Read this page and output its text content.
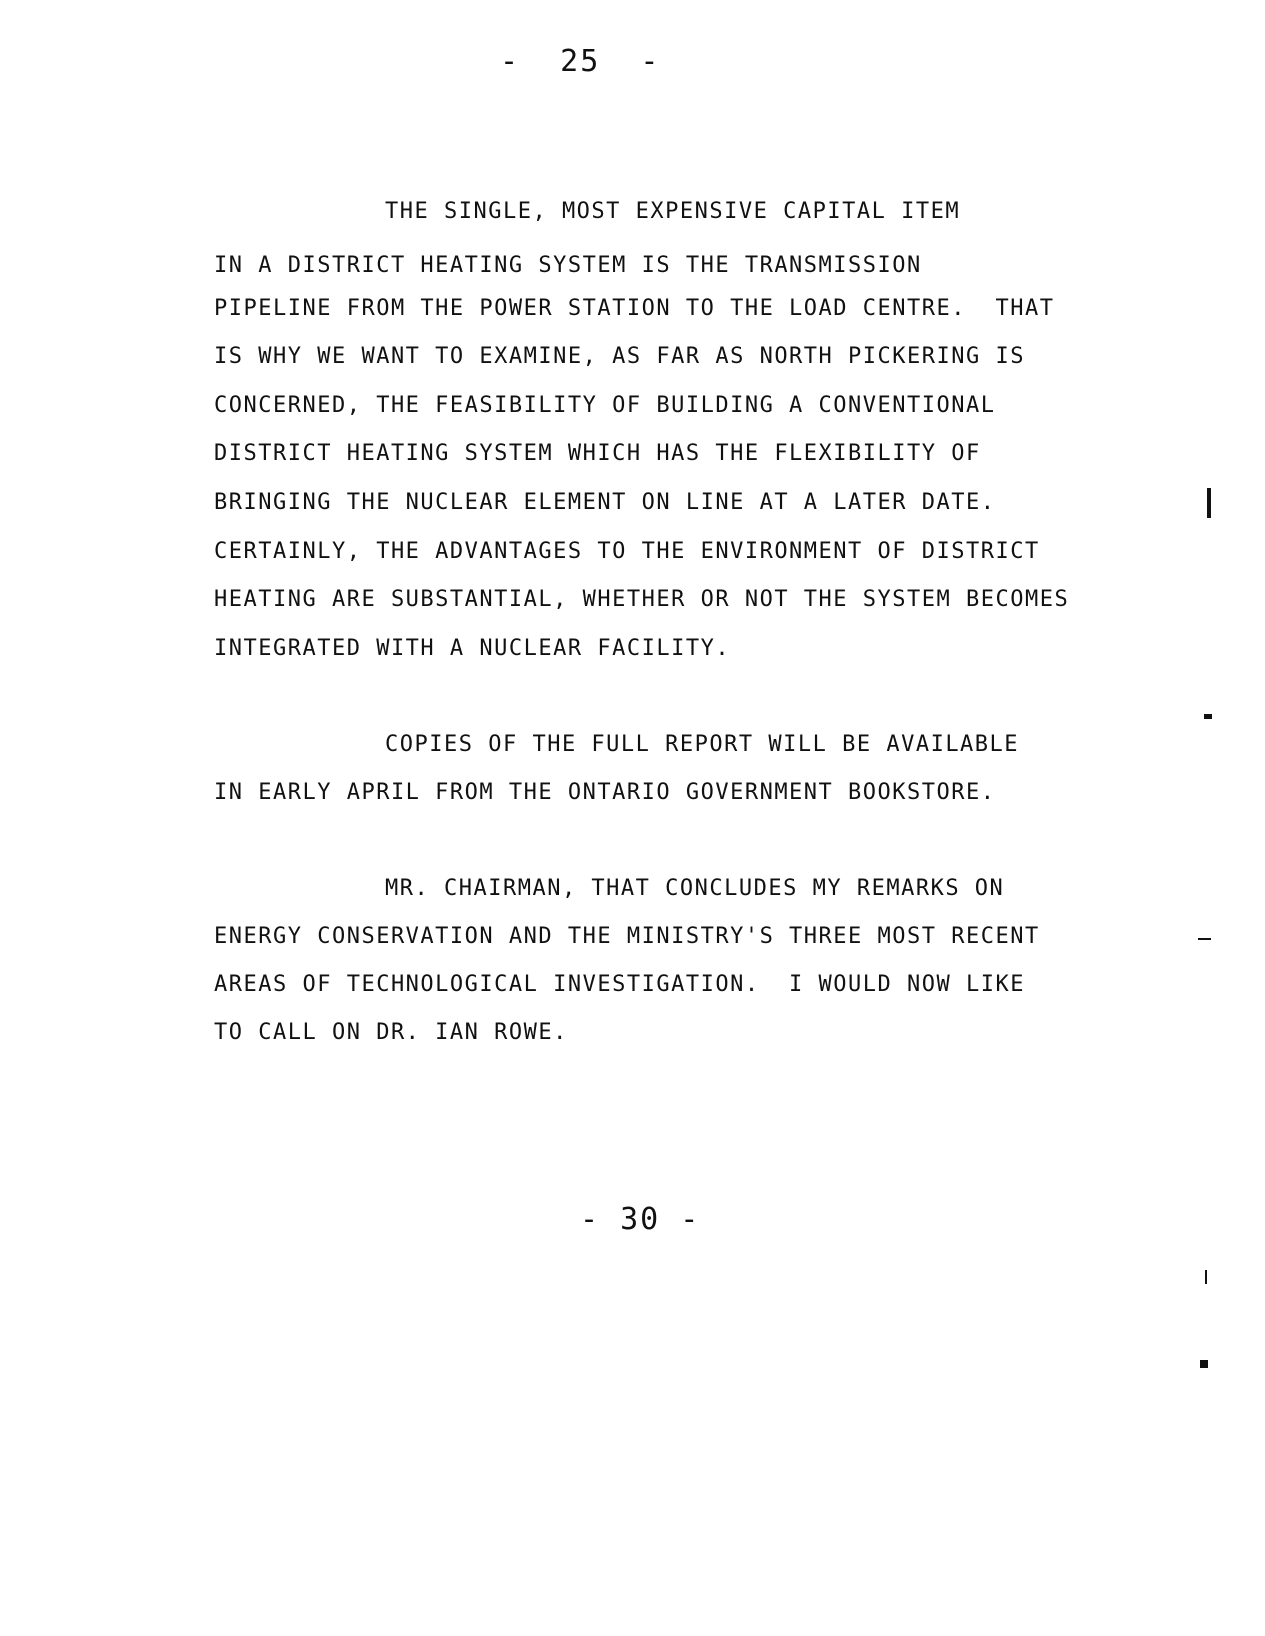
-  25  -
THE SINGLE, MOST EXPENSIVE CAPITAL ITEM
IN A DISTRICT HEATING SYSTEM IS THE TRANSMISSION
PIPELINE FROM THE POWER STATION TO THE LOAD CENTRE.  THAT
IS WHY WE WANT TO EXAMINE, AS FAR AS NORTH PICKERING IS
CONCERNED, THE FEASIBILITY OF BUILDING A CONVENTIONAL
DISTRICT HEATING SYSTEM WHICH HAS THE FLEXIBILITY OF
BRINGING THE NUCLEAR ELEMENT ON LINE AT A LATER DATE.
CERTAINLY, THE ADVANTAGES TO THE ENVIRONMENT OF DISTRICT
HEATING ARE SUBSTANTIAL, WHETHER OR NOT THE SYSTEM BECOMES
INTEGRATED WITH A NUCLEAR FACILITY.
COPIES OF THE FULL REPORT WILL BE AVAILABLE
IN EARLY APRIL FROM THE ONTARIO GOVERNMENT BOOKSTORE.
MR. CHAIRMAN, THAT CONCLUDES MY REMARKS ON
ENERGY CONSERVATION AND THE MINISTRY'S THREE MOST RECENT
AREAS OF TECHNOLOGICAL INVESTIGATION.  I WOULD NOW LIKE
TO CALL ON DR. IAN ROWE.
- 30 -
